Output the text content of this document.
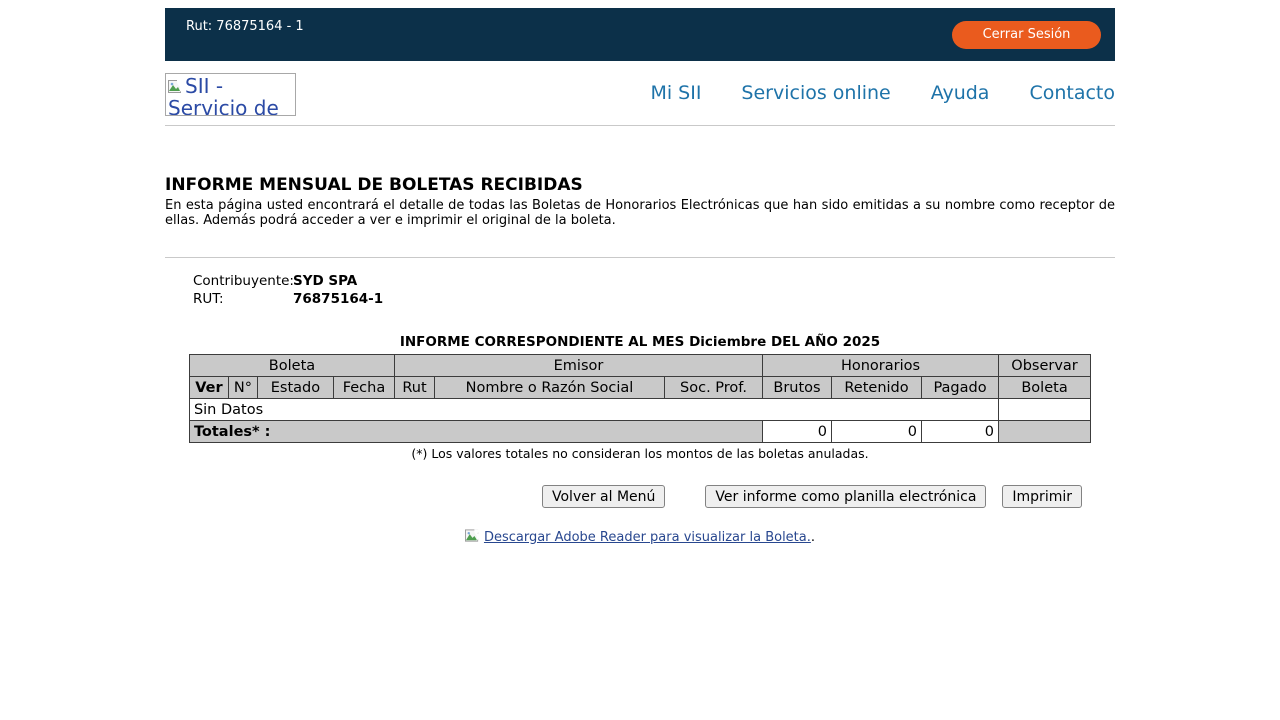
Rut: 76875164 - 1
Cerrar Sesión
SII - Servicio de
Mi SII Servicios online Ayuda Contacto
INFORME MENSUAL DE BOLETAS RECIBIDAS

En esta página usted encontrará el detalle de todas las Boletas de Honorarios Electrónicas que han sido emitidas a su nombre como receptor de ellas. Además podrá acceder a ver e imprimir el original de la boleta.

Contribuyente: SYD SPA
RUT:	76875164-1
INFORME CORRESPONDIENTE AL MES Diciembre DEL AÑO 2025
Boleta				Emisor			Honorarios			Observar
Ver	N°	Estado	Fecha	Rut	Nombre o Razón Social	Soc. Prof.	Brutos	Retenido	Pagado	Boleta
Sin Datos										
Totales* :							0	0	0	
(*) Los valores totales no consideran los montos de las boletas anuladas.
Volver al Menú	Ver informe como planilla electrónica	Imprimir
Descargar Adobe Reader para visualizar la Boleta..
